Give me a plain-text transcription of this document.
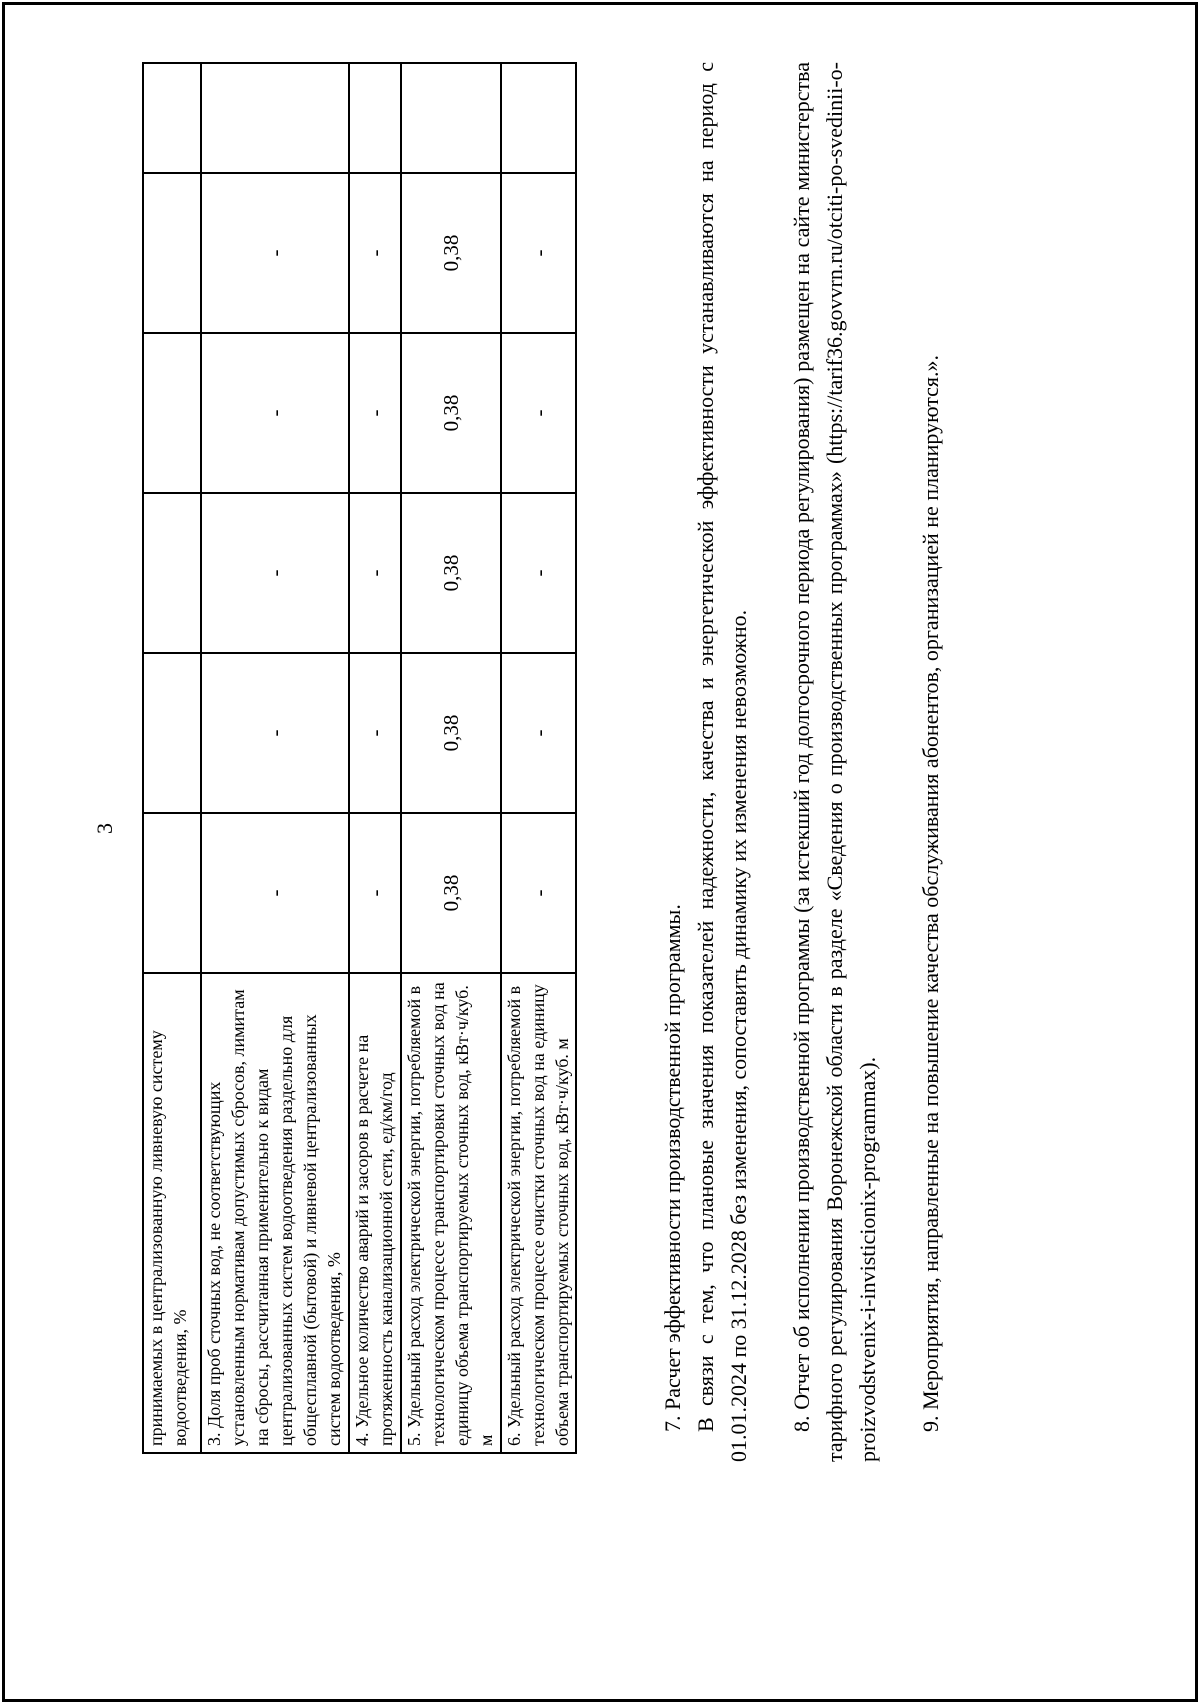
3
принимаемых в централизованную ливневую систему водоотведения, %						
3. Доля проб сточных вод, не соответствующих установленным нормативам допустимых сбросов, лимитам на сбросы, рассчитанная применительно к видам централизованных систем водоотведения раздельно для общесплавной (бытовой) и ливневой централизованных систем водоотведения, %	-	-	-	-	-	
4. Удельное количество аварий и засоров в расчете на протяженность канализационной сети, ед/км/год	-	-	-	-	-	
5. Удельный расход электрической энергии, потребляемой в технологическом процессе транспортировки сточных вод на единицу объема транспортируемых сточных вод, кВт·ч/куб. м	0,38	0,38	0,38	0,38	0,38	
6. Удельный расход электрической энергии, потребляемой в технологическом процессе очистки сточных вод на единицу объема транспортируемых сточных вод, кВт·ч/куб. м	-	-	-	-	-	

7. Расчет эффективности производственной программы. В связи с тем, что плановые значения показателей надежности, качества и энергетической эффективности устанавливаются на период с 01.01.2024 по 31.12.2028 без изменения, сопоставить динамику их изменения невозможно. 8. Отчет об исполнении производственной программы (за истекший год долгосрочного периода регулирования) размещен на сайте министерства тарифного регулирования Воронежской области в разделе «Сведения о производственных программах» (https://tarif36.govvrn.ru/otciti-po-svedinii-o-proizvodstvenix-i-invisticionix-programmax). 9. Мероприятия, направленные на повышение качества обслуживания абонентов, организацией не планируются.».
